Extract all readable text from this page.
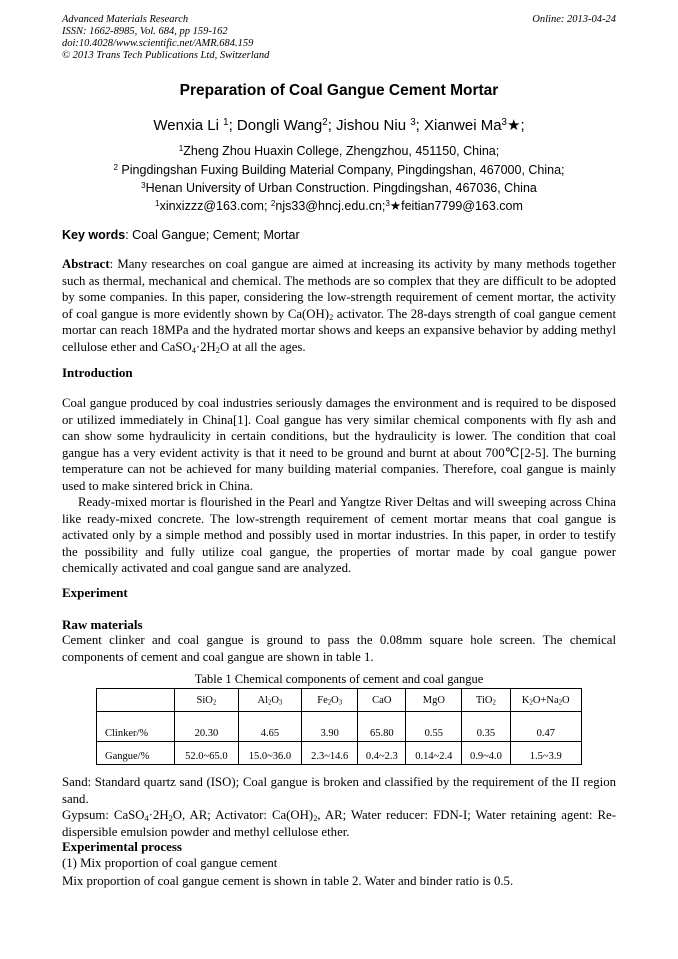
Advanced Materials Research
ISSN: 1662-8985, Vol. 684, pp 159-162
doi:10.4028/www.scientific.net/AMR.684.159
© 2013 Trans Tech Publications Ltd, Switzerland
Online: 2013-04-24
Preparation of Coal Gangue Cement Mortar
Wenxia Li $^1$; Dongli Wang$^2$; Jishou Niu $^3$; Xianwei Ma$^3$★;
$^1$Zheng Zhou Huaxin College, Zhengzhou, 451150, China;
$^2$ Pingdingshan Fuxing Building Material Company, Pingdingshan, 467000, China;
$^3$Henan University of Urban Construction. Pingdingshan, 467036, China
$^1$xinxizzz@163.com; $^2$njs33@hncj.edu.cn;$^3$★feitian7799@163.com
Key words: Coal Gangue; Cement; Mortar

Abstract: Many researches on coal gangue are aimed at increasing its activity by many methods together such as thermal, mechanical and chemical. The methods are so complex that they are difficult to be adopted by some companies. In this paper, considering the low-strength requirement of cement mortar, the activity of coal gangue is more evidently shown by $Ca(OH)_2$ activator. The 28-days strength of coal gangue cement mortar can reach 18MPa and the hydrated mortar shows and keeps an expansive behavior by adding methyl cellulose ether and $CaSO_4\cdot 2H_2O$ at all the ages.

Introduction

Coal gangue produced by coal industries seriously damages the environment and is required to be disposed or utilized immediately in China[1]. Coal gangue has very similar chemical components with fly ash and can show some hydraulicity in certain conditions, but the hydraulicity is lower. The condition that coal gangue has a very evident activity is that it need to be ground and burnt at about 700℃[2-5]. The burning temperature can not be achieved for many building material companies. Therefore, coal gangue is mainly used to make sintered brick in China.

Ready-mixed mortar is flourished in the Pearl and Yangtze River Deltas and will sweeping across China like ready-mixed concrete. The low-strength requirement of cement mortar means that coal gangue is activated only by a simple method and possibly used in mortar industries. In this paper, in order to testify the possibility and fully utilize coal gangue, the properties of mortar made by coal gangue power chemically activated and coal gangue sand are analyzed.

Experiment
Raw materials
Cement clinker and coal gangue is ground to pass the 0.08mm square hole screen. The chemical components of cement and coal gangue are shown in table 1.
Table 1 Chemical components of cement and coal gangue
	SiO$_2$	$Al_2O_3$	$Fe_2O_3$	CaO	MgO	TiO$_2$	$K_2O+Na_2O$
Clinker/%	20.30	4.65	3.90	65.80	0.55	0.35	0.47
Gangue/%	52.0~65.0	15.0~36.0	2.3~14.6	0.4~2.3	0.14~2.4	0.9~4.0	1.5~3.9

Sand: Standard quartz sand (ISO); Coal gangue is broken and classified by the requirement of the II region sand.

Gypsum: $CaSO_4\cdot 2H_2O$, AR; Activator: $Ca(OH)_2$, AR; Water reducer: FDN-I; Water retaining agent: Re-dispersible emulsion powder and methyl cellulose ether.

Experimental process
(1) Mix proportion of coal gangue cement
Mix proportion of coal gangue cement is shown in table 2. Water and binder ratio is 0.5.
